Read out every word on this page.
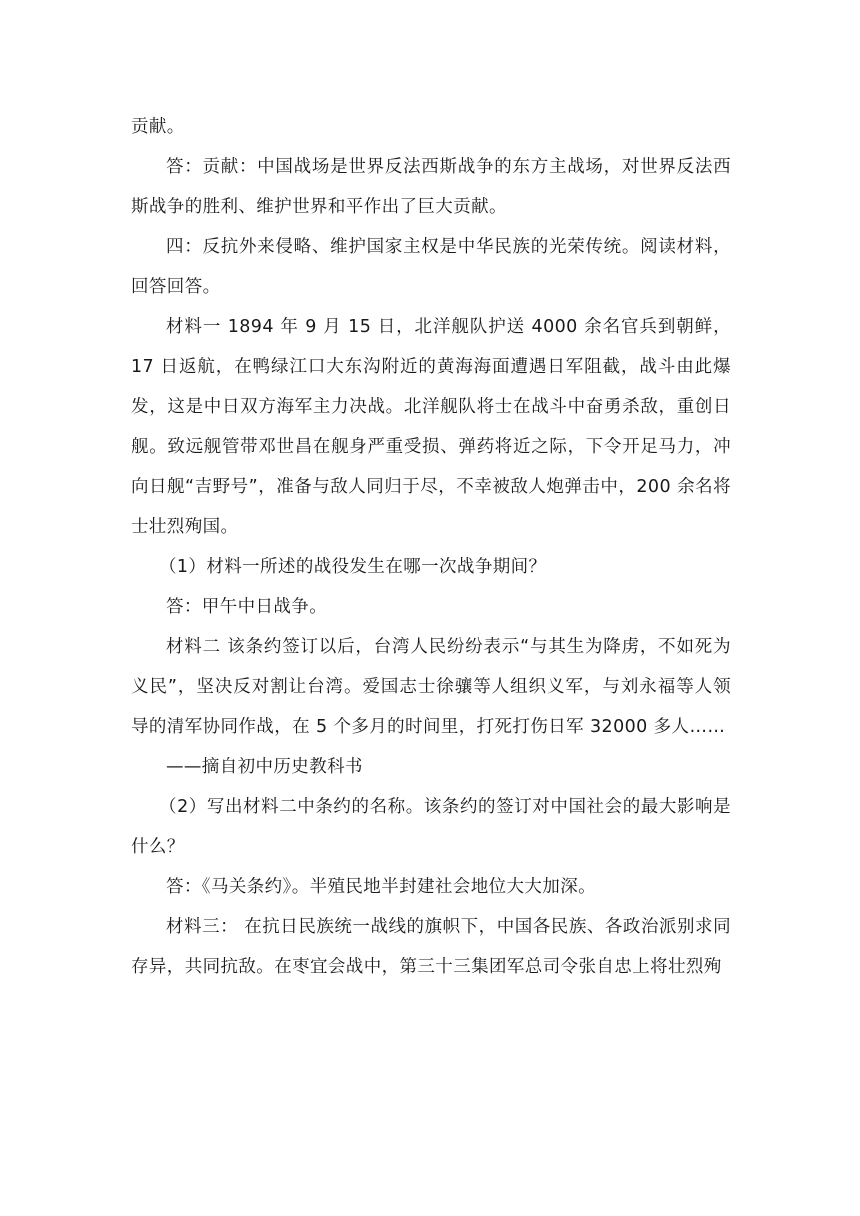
贡献。

答：贡献：中国战场是世界反法西斯战争的东方主战场，对世界反法西斯战争的胜利、维护世界和平作出了巨大贡献。

四：反抗外来侵略、维护国家主权是中华民族的光荣传统。阅读材料，回答回答。

材料一 1894 年 9 月 15 日，北洋舰队护送 4000 余名官兵到朝鲜，17 日返航，在鸭绿江口大东沟附近的黄海海面遭遇日军阻截，战斗由此爆发，这是中日双方海军主力决战。北洋舰队将士在战斗中奋勇杀敌，重创日舰。致远舰管带邓世昌在舰身严重受损、弹药将近之际，下令开足马力，冲向日舰“吉野号”，准备与敌人同归于尽，不幸被敌人炮弹击中，200 余名将士壮烈殉国。

（1）材料一所述的战役发生在哪一次战争期间？

答：甲午中日战争。

材料二 该条约签订以后，台湾人民纷纷表示“与其生为降虏，不如死为义民”，坚决反对割让台湾。爱国志士徐骧等人组织义军，与刘永福等人领导的清军协同作战，在 5 个多月的时间里，打死打伤日军 32000 多人……

——摘自初中历史教科书

（2）写出材料二中条约的名称。该条约的签订对中国社会的最大影响是什么？

答：《马关条约》。半殖民地半封建社会地位大大加深。

材料三： 在抗日民族统一战线的旗帜下，中国各民族、各政治派别求同存异，共同抗敌。在枣宜会战中，第三十三集团军总司令张自忠上将壮烈殉
